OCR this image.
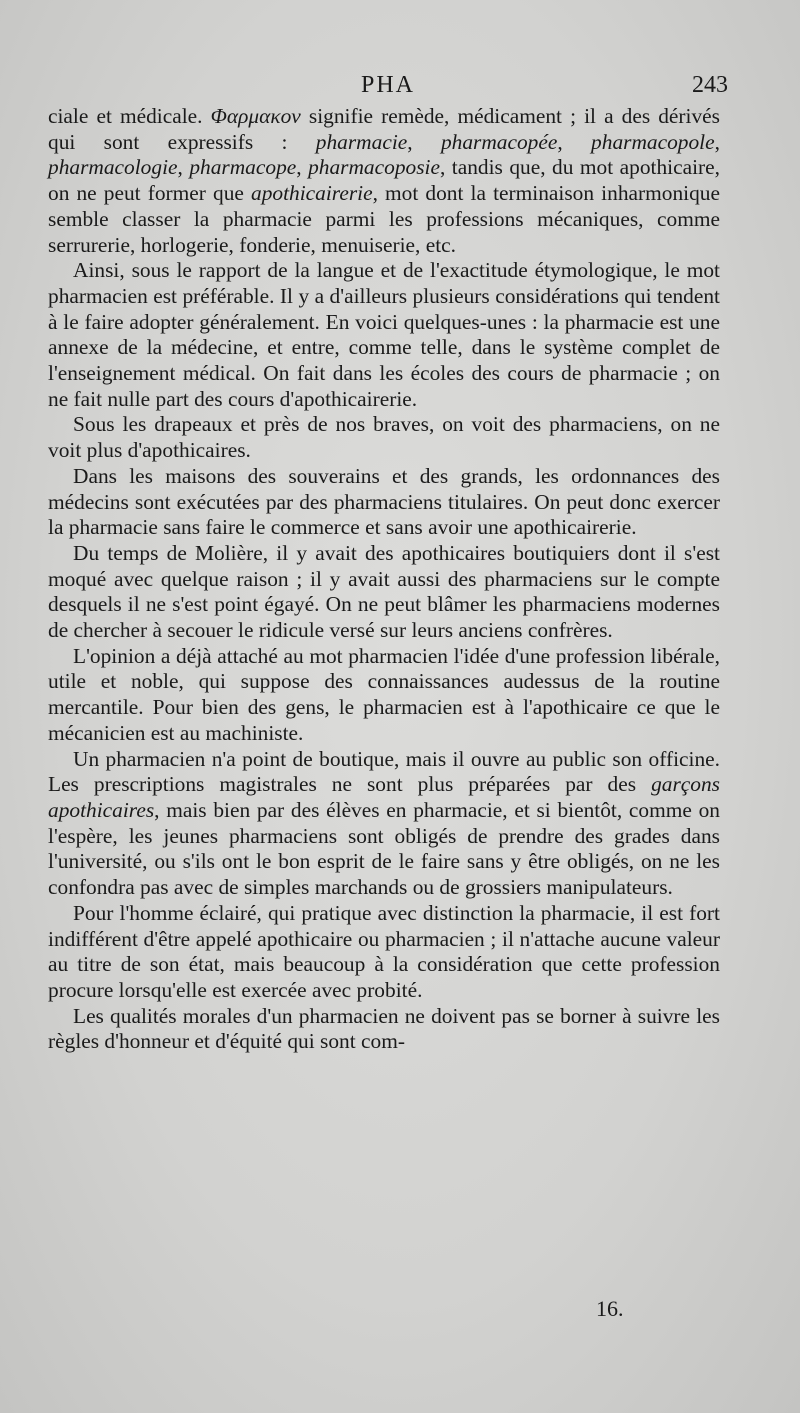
PHA	243

ciale et médicale. Φαρμακον signifie remède, médicament ; il a des dérivés qui sont expressifs : pharmacie, pharmacopée, pharmacopole, pharmacologie, pharmacope, pharmacoposie, tandis que, du mot apothicaire, on ne peut former que apothicairerie, mot dont la terminaison inharmonique semble classer la pharmacie parmi les professions mécaniques, comme serrurerie, horlogerie, fonderie, menuiserie, etc.

Ainsi, sous le rapport de la langue et de l'exactitude étymologique, le mot pharmacien est préférable. Il y a d'ailleurs plusieurs considérations qui tendent à le faire adopter généralement. En voici quelques-unes : la pharmacie est une annexe de la médecine, et entre, comme telle, dans le système complet de l'enseignement médical. On fait dans les écoles des cours de pharmacie ; on ne fait nulle part des cours d'apothicairerie.

Sous les drapeaux et près de nos braves, on voit des pharmaciens, on ne voit plus d'apothicaires.

Dans les maisons des souverains et des grands, les ordonnances des médecins sont exécutées par des pharmaciens titulaires. On peut donc exercer la pharmacie sans faire le commerce et sans avoir une apothicairerie.

Du temps de Molière, il y avait des apothicaires boutiquiers dont il s'est moqué avec quelque raison ; il y avait aussi des pharmaciens sur le compte desquels il ne s'est point égayé. On ne peut blâmer les pharmaciens modernes de chercher à secouer le ridicule versé sur leurs anciens confrères.

L'opinion a déjà attaché au mot pharmacien l'idée d'une profession libérale, utile et noble, qui suppose des connaissances audessus de la routine mercantile. Pour bien des gens, le pharmacien est à l'apothicaire ce que le mécanicien est au machiniste.

Un pharmacien n'a point de boutique, mais il ouvre au public son officine. Les prescriptions magistrales ne sont plus préparées par des garçons apothicaires, mais bien par des élèves en pharmacie, et si bientôt, comme on l'espère, les jeunes pharmaciens sont obligés de prendre des grades dans l'université, ou s'ils ont le bon esprit de le faire sans y être obligés, on ne les confondra pas avec de simples marchands ou de grossiers manipulateurs.

Pour l'homme éclairé, qui pratique avec distinction la pharmacie, il est fort indifférent d'être appelé apothicaire ou pharmacien ; il n'attache aucune valeur au titre de son état, mais beaucoup à la considération que cette profession procure lorsqu'elle est exercée avec probité.

Les qualités morales d'un pharmacien ne doivent pas se borner à suivre les règles d'honneur et d'équité qui sont com-

16.
